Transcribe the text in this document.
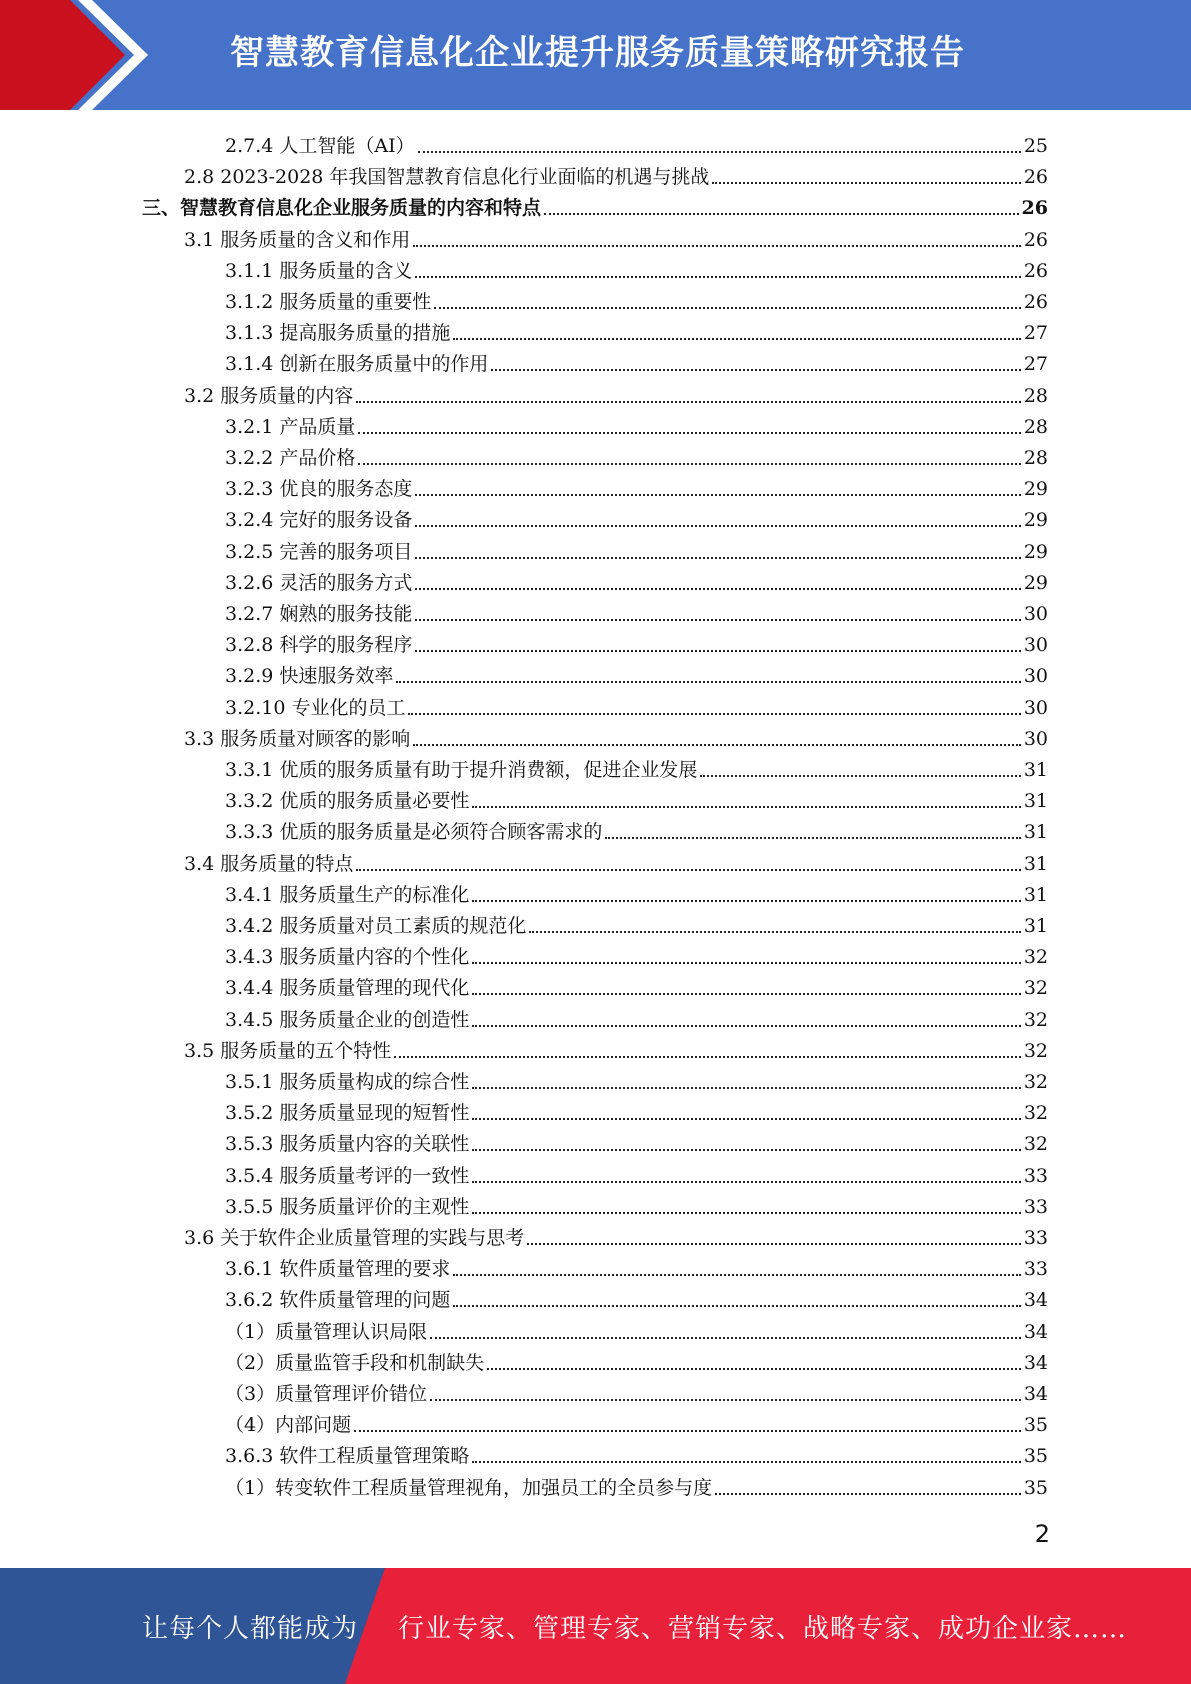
智慧教育信息化企业提升服务质量策略研究报告
2.7.4 人工智能（AI）	25
2.8 2023-2028 年我国智慧教育信息化行业面临的机遇与挑战	26
三、智慧教育信息化企业服务质量的内容和特点	26
3.1 服务质量的含义和作用	26
3.1.1 服务质量的含义	26
3.1.2 服务质量的重要性	26
3.1.3 提高服务质量的措施	27
3.1.4 创新在服务质量中的作用	27
3.2 服务质量的内容	28
3.2.1 产品质量	28
3.2.2 产品价格	28
3.2.3 优良的服务态度	29
3.2.4 完好的服务设备	29
3.2.5 完善的服务项目	29
3.2.6 灵活的服务方式	29
3.2.7 娴熟的服务技能	30
3.2.8 科学的服务程序	30
3.2.9 快速服务效率	30
3.2.10 专业化的员工	30
3.3 服务质量对顾客的影响	30
3.3.1 优质的服务质量有助于提升消费额，促进企业发展	31
3.3.2 优质的服务质量必要性	31
3.3.3 优质的服务质量是必须符合顾客需求的	31
3.4 服务质量的特点	31
3.4.1 服务质量生产的标准化	31
3.4.2 服务质量对员工素质的规范化	31
3.4.3 服务质量内容的个性化	32
3.4.4 服务质量管理的现代化	32
3.4.5 服务质量企业的创造性	32
3.5 服务质量的五个特性	32
3.5.1 服务质量构成的综合性	32
3.5.2 服务质量显现的短暂性	32
3.5.3 服务质量内容的关联性	32
3.5.4 服务质量考评的一致性	33
3.5.5 服务质量评价的主观性	33
3.6 关于软件企业质量管理的实践与思考	33
3.6.1 软件质量管理的要求	33
3.6.2 软件质量管理的问题	34
（1）质量管理认识局限	34
（2）质量监管手段和机制缺失	34
（3）质量管理评价错位	34
（4）内部问题	35
3.6.3 软件工程质量管理策略	35
（1）转变软件工程质量管理视角，加强员工的全员参与度	35
2
让每个人都能成为 行业专家、管理专家、营销专家、战略专家、成功企业家……
